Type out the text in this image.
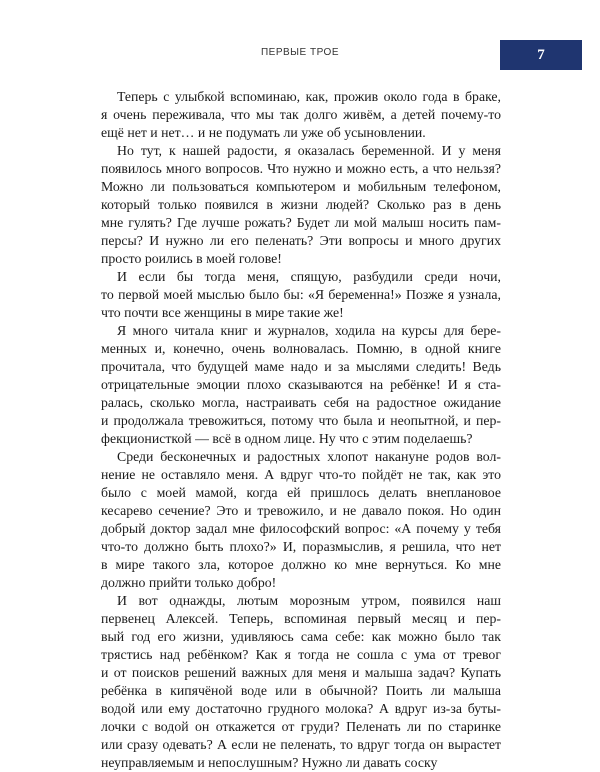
ПЕРВЫЕ ТРОЕ	7
Теперь с улыбкой вспоминаю, как, прожив около года в браке,
я очень переживала, что мы так долго живём, а детей почему-то
ещё нет и нет… и не подумать ли уже об усыновлении.
Но тут, к нашей радости, я оказалась беременной. И у меня
появилось много вопросов. Что нужно и можно есть, а что нельзя?
Можно ли пользоваться компьютером и мобильным телефоном,
который только появился в жизни людей? Сколько раз в день
мне гулять? Где лучше рожать? Будет ли мой малыш носить пам-
персы? И нужно ли его пеленать? Эти вопросы и много других
просто роились в моей голове!
И если бы тогда меня, спящую, разбудили среди ночи,
то первой моей мыслью было бы: «Я беременна!» Позже я узнала,
что почти все женщины в мире такие же!
Я много читала книг и журналов, ходила на курсы для бере-
менных и, конечно, очень волновалась. Помню, в одной книге
прочитала, что будущей маме надо и за мыслями следить! Ведь
отрицательные эмоции плохо сказываются на ребёнке! И я ста-
ралась, сколько могла, настраивать себя на радостное ожидание
и продолжала тревожиться, потому что была и неопытной, и пер-
фекционисткой — всё в одном лице. Ну что с этим поделаешь?
Среди бесконечных и радостных хлопот накануне родов вол-
нение не оставляло меня. А вдруг что-то пойдёт не так, как это
было с моей мамой, когда ей пришлось делать внеплановое
кесарево сечение? Это и тревожило, и не давало покоя. Но один
добрый доктор задал мне философский вопрос: «А почему у тебя
что-то должно быть плохо?» И, поразмыслив, я решила, что нет
в мире такого зла, которое должно ко мне вернуться. Ко мне
должно прийти только добро!
И вот однажды, лютым морозным утром, появился наш
первенец Алексей. Теперь, вспоминая первый месяц и пер-
вый год его жизни, удивляюсь сама себе: как можно было так
трястись над ребёнком? Как я тогда не сошла с ума от тревог
и от поисков решений важных для меня и малыша задач? Купать
ребёнка в кипячёной воде или в обычной? Поить ли малыша
водой или ему достаточно грудного молока? А вдруг из-за буты-
лочки с водой он откажется от груди? Пеленать ли по старинке
или сразу одевать? А если не пеленать, то вдруг тогда он вырастет
неуправляемым и непослушным? Нужно ли давать соску
